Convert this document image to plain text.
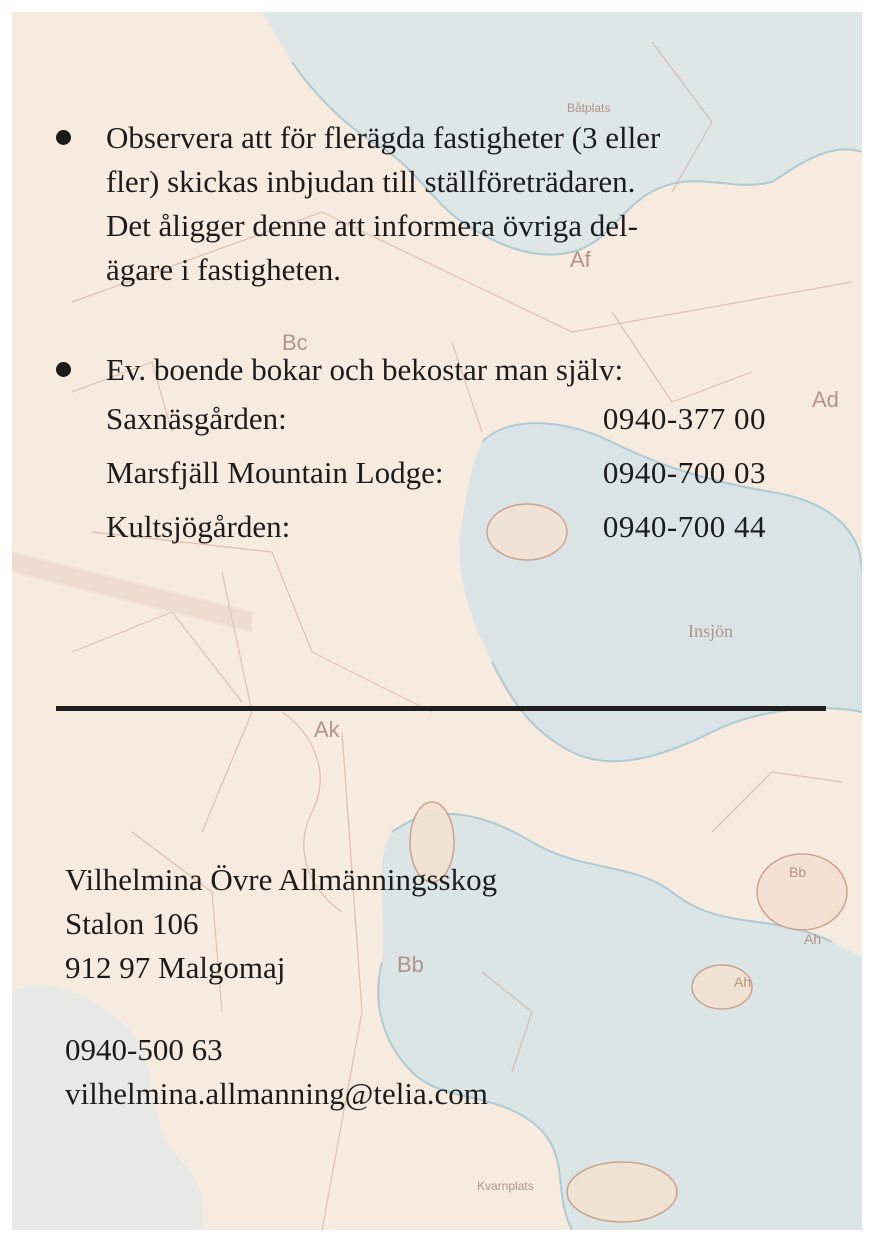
Af
Ad
Bc
Ak
Bb
Bb
Ah
Ah
Insjön
Båtplats
Kvarnplats
Observera att för flerägda fastigheter (3 eller
fler) skickas inbjudan till ställföreträdaren.
Det åligger denne att informera övriga del-
ägare i fastigheten.
Ev. boende bokar och bekostar man själv:
Saxnäsgården:	0940-377 00
Marsfjäll Mountain Lodge:	0940-700 03
Kultsjögården:	0940-700 44
Vilhelmina Övre Allmänningsskog
Stalon 106
912 97 Malgomaj
0940-500 63
vilhelmina.allmanning@telia.com
